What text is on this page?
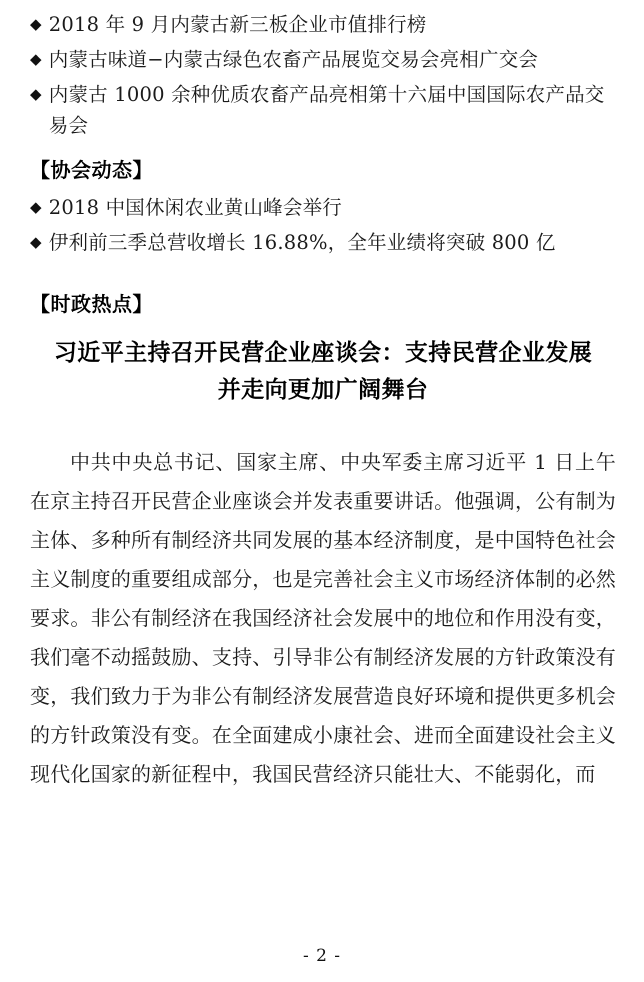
◆ 2018 年 9 月内蒙古新三板企业市值排行榜
◆ 内蒙古味道−内蒙古绿色农畜产品展览交易会亮相广交会
◆ 内蒙古 1000 余种优质农畜产品亮相第十六届中国国际农产品交易会
【协会动态】
◆ 2018 中国休闲农业黄山峰会举行
◆ 伊利前三季总营收增长 16.88%，全年业绩将突破 800 亿
【时政热点】
习近平主持召开民营企业座谈会：支持民营企业发展
并走向更加广阔舞台

中共中央总书记、国家主席、中央军委主席习近平 1 日上午在京主持召开民营企业座谈会并发表重要讲话。他强调，公有制为主体、多种所有制经济共同发展的基本经济制度，是中国特色社会主义制度的重要组成部分，也是完善社会主义市场经济体制的必然要求。非公有制经济在我国经济社会发展中的地位和作用没有变，我们毫不动摇鼓励、支持、引导非公有制经济发展的方针政策没有变，我们致力于为非公有制经济发展营造良好环境和提供更多机会的方针政策没有变。在全面建成小康社会、进而全面建设社会主义现代化国家的新征程中，我国民营经济只能壮大、不能弱化，而

- 2 -
